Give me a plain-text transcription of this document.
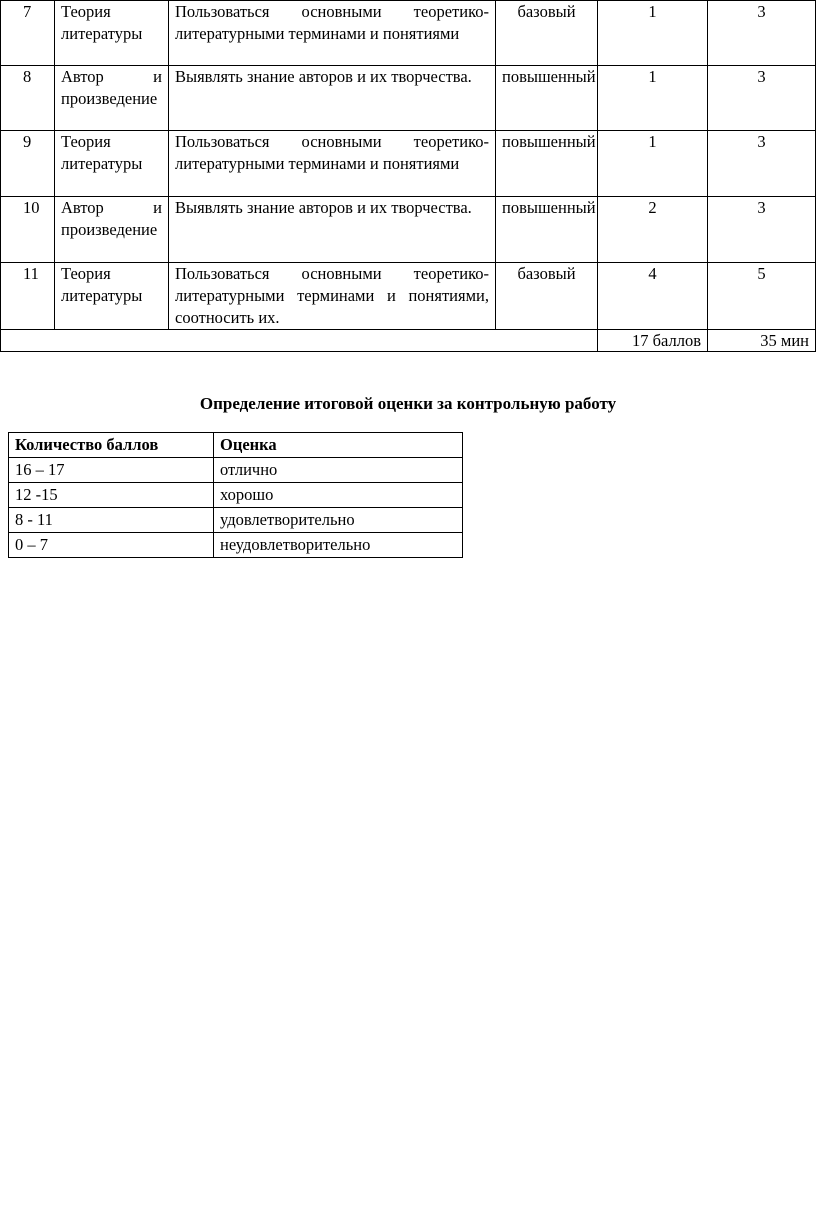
7	Теория литературы	Пользоваться основными теоретико-литературными терминами и понятиями	базовый	1	3
8	Автор и произведение	Выявлять знание авторов и их творчества.	повышенный	1	3
9	Теория литературы	Пользоваться основными теоретико-литературными терминами и понятиями	повышенный	1	3
10	Автор и произведение	Выявлять знание авторов и их творчества.	повышенный	2	3
11	Теория литературы	Пользоваться основными теоретико-литературными терминами и понятиями, соотносить их.	базовый	4	5
				17 баллов	35 мин
Определение итоговой оценки за контрольную работу
Количество баллов	Оценка
16 – 17	отлично
12 -15	хорошо
8 - 11	удовлетворительно
0 – 7	неудовлетворительно
